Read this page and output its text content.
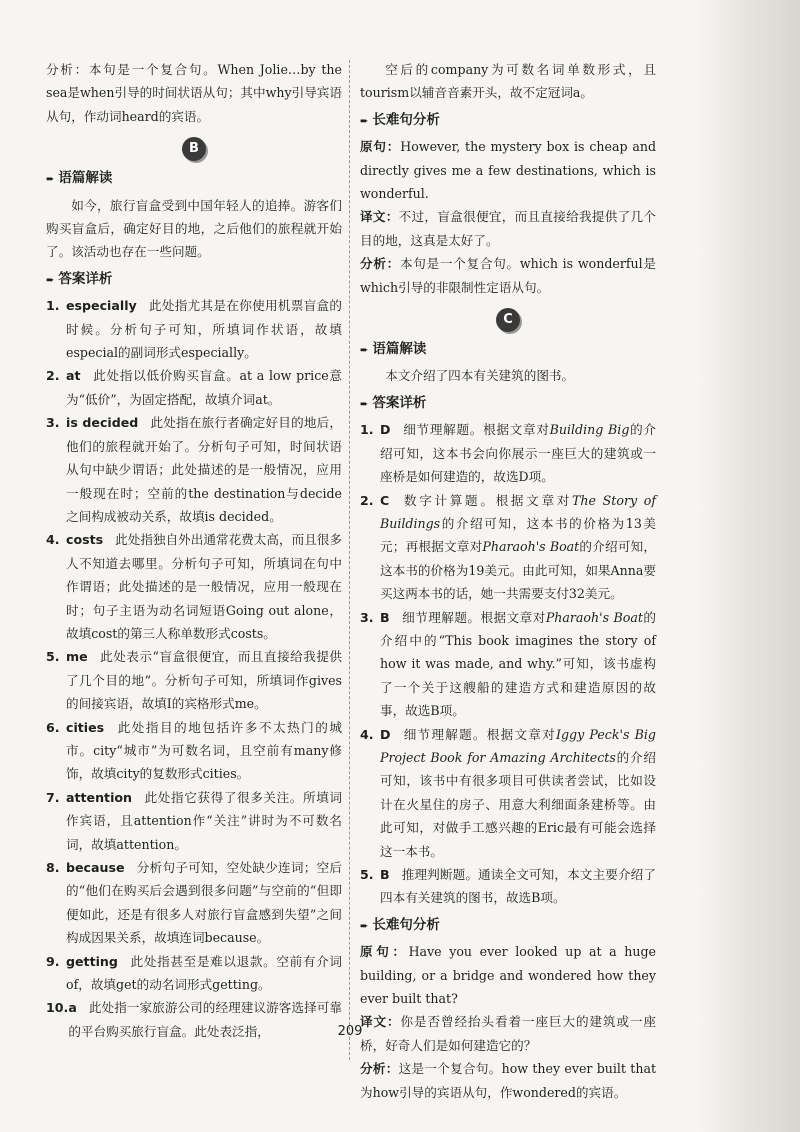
分析：本句是一个复合句。When Jolie…by the sea是when引导的时间状语从句；其中why引导宾语从句，作动词heard的宾语。

B
➨ 语篇解读

如今，旅行盲盒受到中国年轻人的追捧。游客们购买盲盒后，确定好目的地，之后他们的旅程就开始了。该活动也存在一些问题。

➨ 答案详析
1. especially 此处指尤其是在你使用机票盲盒的时候。分析句子可知，所填词作状语，故填especial的副词形式especially。
2. at 此处指以低价购买盲盒。at a low price意为“低价”，为固定搭配，故填介词at。
3. is decided 此处指在旅行者确定好目的地后，他们的旅程就开始了。分析句子可知，时间状语从句中缺少谓语；此处描述的是一般情况，应用一般现在时；空前的the destination与decide之间构成被动关系，故填is decided。
4. costs 此处指独自外出通常花费太高，而且很多人不知道去哪里。分析句子可知，所填词在句中作谓语；此处描述的是一般情况，应用一般现在时；句子主语为动名词短语Going out alone，故填cost的第三人称单数形式costs。
5. me 此处表示“盲盒很便宜，而且直接给我提供了几个目的地”。分析句子可知，所填词作gives的间接宾语，故填I的宾格形式me。
6. cities 此处指目的地包括许多不太热门的城市。city“城市”为可数名词，且空前有many修饰，故填city的复数形式cities。
7. attention 此处指它获得了很多关注。所填词作宾语，且attention作“关注”讲时为不可数名词，故填attention。
8. because 分析句子可知，空处缺少连词；空后的“他们在购买后会遇到很多问题”与空前的“但即便如此，还是有很多人对旅行盲盒感到失望”之间构成因果关系，故填连词because。
9. getting 此处指甚至是难以退款。空前有介词of，故填get的动名词形式getting。
10. a 此处指一家旅游公司的经理建议游客选择可靠的平台购买旅行盲盒。此处表泛指，

空后的company为可数名词单数形式，且tourism以辅音音素开头，故不定冠词a。

➨ 长难句分析

原句：However, the mystery box is cheap and directly gives me a few destinations, which is wonderful.

译文：不过，盲盒很便宜，而且直接给我提供了几个目的地，这真是太好了。

分析：本句是一个复合句。which is wonderful是which引导的非限制性定语从句。

C
➨ 语篇解读

本文介绍了四本有关建筑的图书。

➨ 答案详析
1. D 细节理解题。根据文章对Building Big的介绍可知，这本书会向你展示一座巨大的建筑或一座桥是如何建造的，故选D项。
2. C 数字计算题。根据文章对The Story of Buildings的介绍可知，这本书的价格为13美元；再根据文章对Pharaoh's Boat的介绍可知，这本书的价格为19美元。由此可知，如果Anna要买这两本书的话，她一共需要支付32美元。
3. B 细节理解题。根据文章对Pharaoh's Boat的介绍中的“This book imagines the story of how it was made, and why.”可知，该书虚构了一个关于这艘船的建造方式和建造原因的故事，故选B项。
4. D 细节理解题。根据文章对Iggy Peck's Big Project Book for Amazing Architects的介绍可知，该书中有很多项目可供读者尝试，比如设计在火星住的房子、用意大利细面条建桥等。由此可知，对做手工感兴趣的Eric最有可能会选择这一本书。
5. B 推理判断题。通读全文可知，本文主要介绍了四本有关建筑的图书，故选B项。
➨ 长难句分析

原句：Have you ever looked up at a huge building, or a bridge and wondered how they ever built that?

译文：你是否曾经抬头看着一座巨大的建筑或一座桥，好奇人们是如何建造它的？

分析：这是一个复合句。how they ever built that为how引导的宾语从句，作wondered的宾语。

209
